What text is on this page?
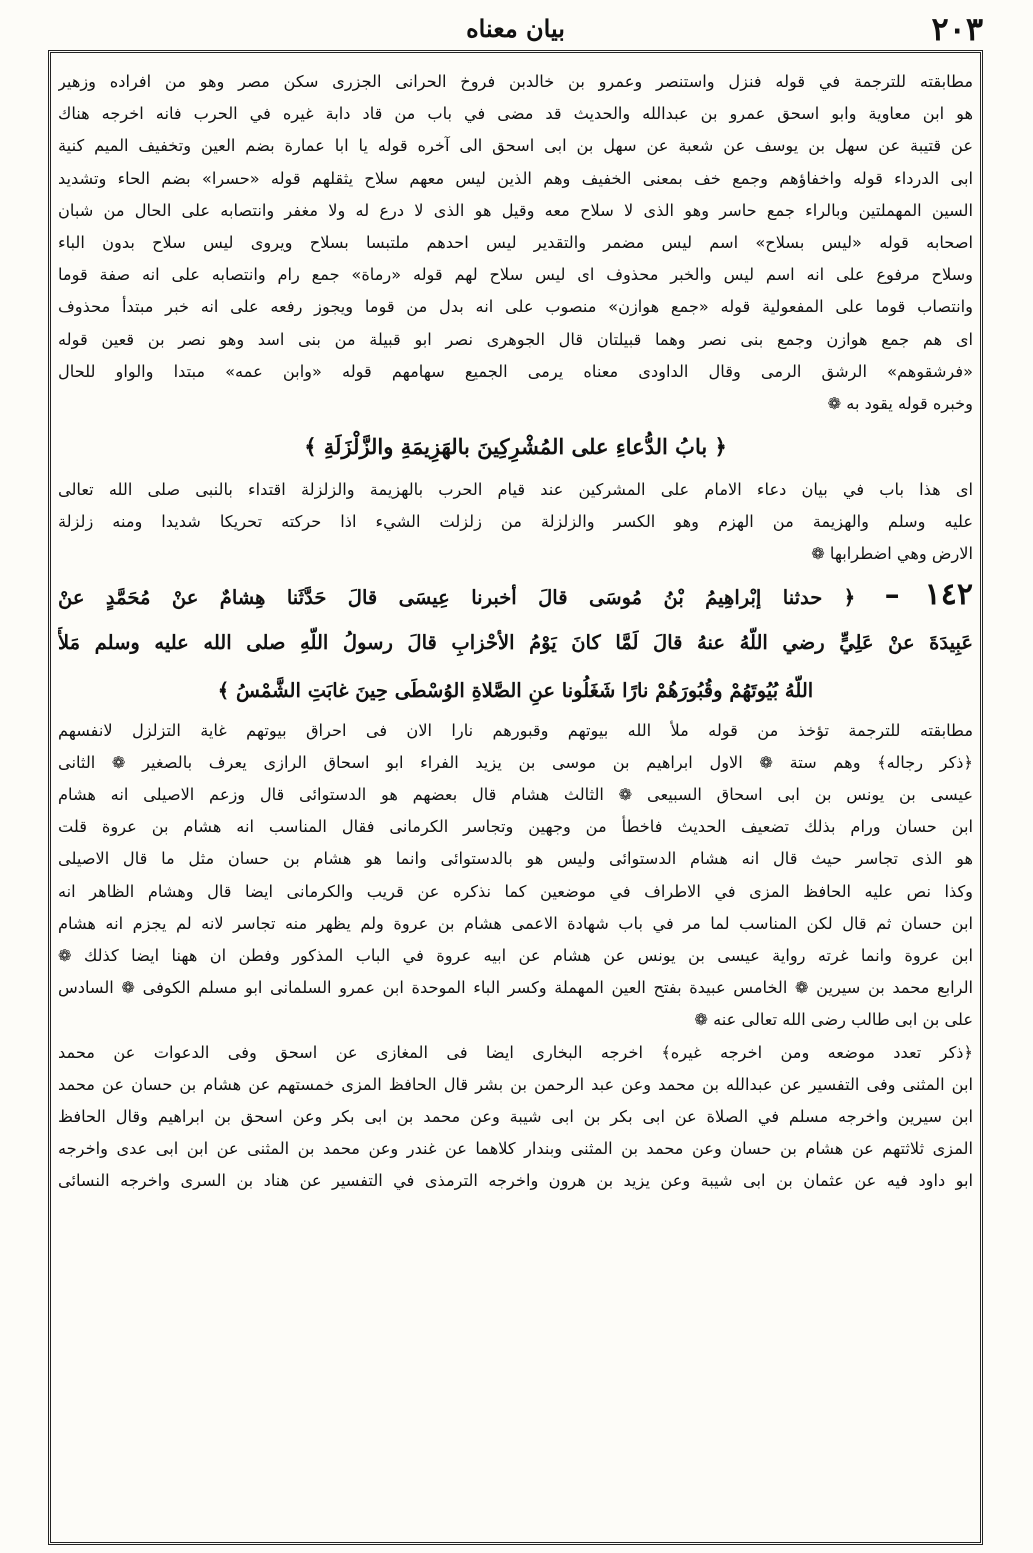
بيان معناه	٢٠٣
مطابقته للترجمة في قوله فنزل واستنصر وعمرو بن خالدبن فروخ الحرانى الجزرى سكن مصر وهو من افراده وزهير
هو ابن معاوية وابو اسحق عمرو بن عبدالله والحديث قد مضى في باب من قاد دابة غيره في الحرب فانه اخرجه هناك
عن قتيبة عن سهل بن يوسف عن شعبة عن سهل بن ابى اسحق الى آخره قوله يا ابا عمارة بضم العين وتخفيف الميم كنية
ابى الدرداء قوله واخفاؤهم وجمع خف بمعنى الخفيف وهم الذين ليس معهم سلاح يثقلهم قوله «حسرا» بضم الحاء وتشديد
السين المهملتين وبالراء جمع حاسر وهو الذى لا سلاح معه وقيل هو الذى لا درع له ولا مغفر وانتصابه على الحال من شبان
اصحابه قوله «ليس بسلاح» اسم ليس مضمر والتقدير ليس احدهم ملتبسا بسلاح ويروى ليس سلاح بدون الباء
وسلاح مرفوع على انه اسم ليس والخبر محذوف اى ليس سلاح لهم قوله «رماة» جمع رام وانتصابه على انه صفة قوما
وانتصاب قوما على المفعولية قوله «جمع هوازن» منصوب على انه بدل من قوما ويجوز رفعه على انه خبر مبتدأ محذوف
اى هم جمع هوازن وجمع بنى نصر وهما قبيلتان قال الجوهرى نصر ابو قبيلة من بنى اسد وهو نصر بن قعين قوله
«فرشقوهم» الرشق الرمى وقال الداودى معناه يرمى الجميع سهامهم قوله «وابن عمه» مبتدا والواو للحال
وخبره قوله يقود به ❁
﴿ بابُ الدُّعاءِ على المُشْرِكِينَ بالهَزِيمَةِ والزَّلْزَلَةِ ﴾
اى هذا باب في بيان دعاء الامام على المشركين عند قيام الحرب بالهزيمة والزلزلة اقتداء بالنبى صلى الله تعالى
عليه وسلم والهزيمة من الهزم وهو الكسر والزلزلة من زلزلت الشيء اذا حركته تحريكا شديدا ومنه زلزلة
الارض وهي اضطرابها ❁
١٤٢ – ﴿ حدثنا إبْراهِيمُ بْنُ مُوسَى قالَ أخبرنا عِيسَى قالَ حَدَّثَنا هِشامٌ عنْ مُحَمَّدٍ عنْ
عَبِيدَةَ عنْ عَلِيٍّ رضي اللّهُ عنهُ قالَ لَمَّا كانَ يَوْمُ الأحْزابِ قالَ رسولُ اللّهِ صلى الله عليه وسلم مَلأَ
اللّهُ بُيُوتَهُمْ وقُبُورَهُمْ نارًا شَغَلُونا عنِ الصَّلاةِ الوُسْطَى حِينَ غابَتِ الشَّمْسُ ﴾
مطابقته للترجمة تؤخذ من قوله ملأ الله بيوتهم وقبورهم نارا الان فى احراق بيوتهم غاية التزلزل لانفسهم
﴿ذكر رجاله﴾ وهم ستة ❁ الاول ابراهيم بن موسى بن يزيد الفراء ابو اسحاق الرازى يعرف بالصغير ❁ الثانى
عيسى بن يونس بن ابى اسحاق السبيعى ❁ الثالث هشام قال بعضهم هو الدستوائى قال وزعم الاصيلى انه هشام
ابن حسان ورام بذلك تضعيف الحديث فاخطأ من وجهين وتجاسر الكرمانى فقال المناسب انه هشام بن عروة قلت
هو الذى تجاسر حيث قال انه هشام الدستوائى وليس هو بالدستوائى وانما هو هشام بن حسان مثل ما قال الاصيلى
وكذا نص عليه الحافظ المزى في الاطراف في موضعين كما نذكره عن قريب والكرمانى ايضا قال وهشام الظاهر انه
ابن حسان ثم قال لكن المناسب لما مر في باب شهادة الاعمى هشام بن عروة ولم يظهر منه تجاسر لانه لم يجزم انه هشام
ابن عروة وانما غرته رواية عيسى بن يونس عن هشام عن ابيه عروة في الباب المذكور وفطن ان ههنا ايضا كذلك ❁
الرابع محمد بن سيرين ❁ الخامس عبيدة بفتح العين المهملة وكسر الباء الموحدة ابن عمرو السلمانى ابو مسلم الكوفى ❁ السادس
على بن ابى طالب رضى الله تعالى عنه ❁
﴿ذكر تعدد موضعه ومن اخرجه غيره﴾ اخرجه البخارى ايضا فى المغازى عن اسحق وفى الدعوات عن محمد
ابن المثنى وفى التفسير عن عبدالله بن محمد وعن عبد الرحمن بن بشر قال الحافظ المزى خمستهم عن هشام بن حسان عن محمد
ابن سيرين واخرجه مسلم في الصلاة عن ابى بكر بن ابى شيبة وعن محمد بن ابى بكر وعن اسحق بن ابراهيم وقال الحافظ
المزى ثلاثتهم عن هشام بن حسان وعن محمد بن المثنى وبندار كلاهما عن غندر وعن محمد بن المثنى عن ابن ابى عدى واخرجه
ابو داود فيه عن عثمان بن ابى شيبة وعن يزيد بن هرون واخرجه الترمذى في التفسير عن هناد بن السرى واخرجه النسائى
